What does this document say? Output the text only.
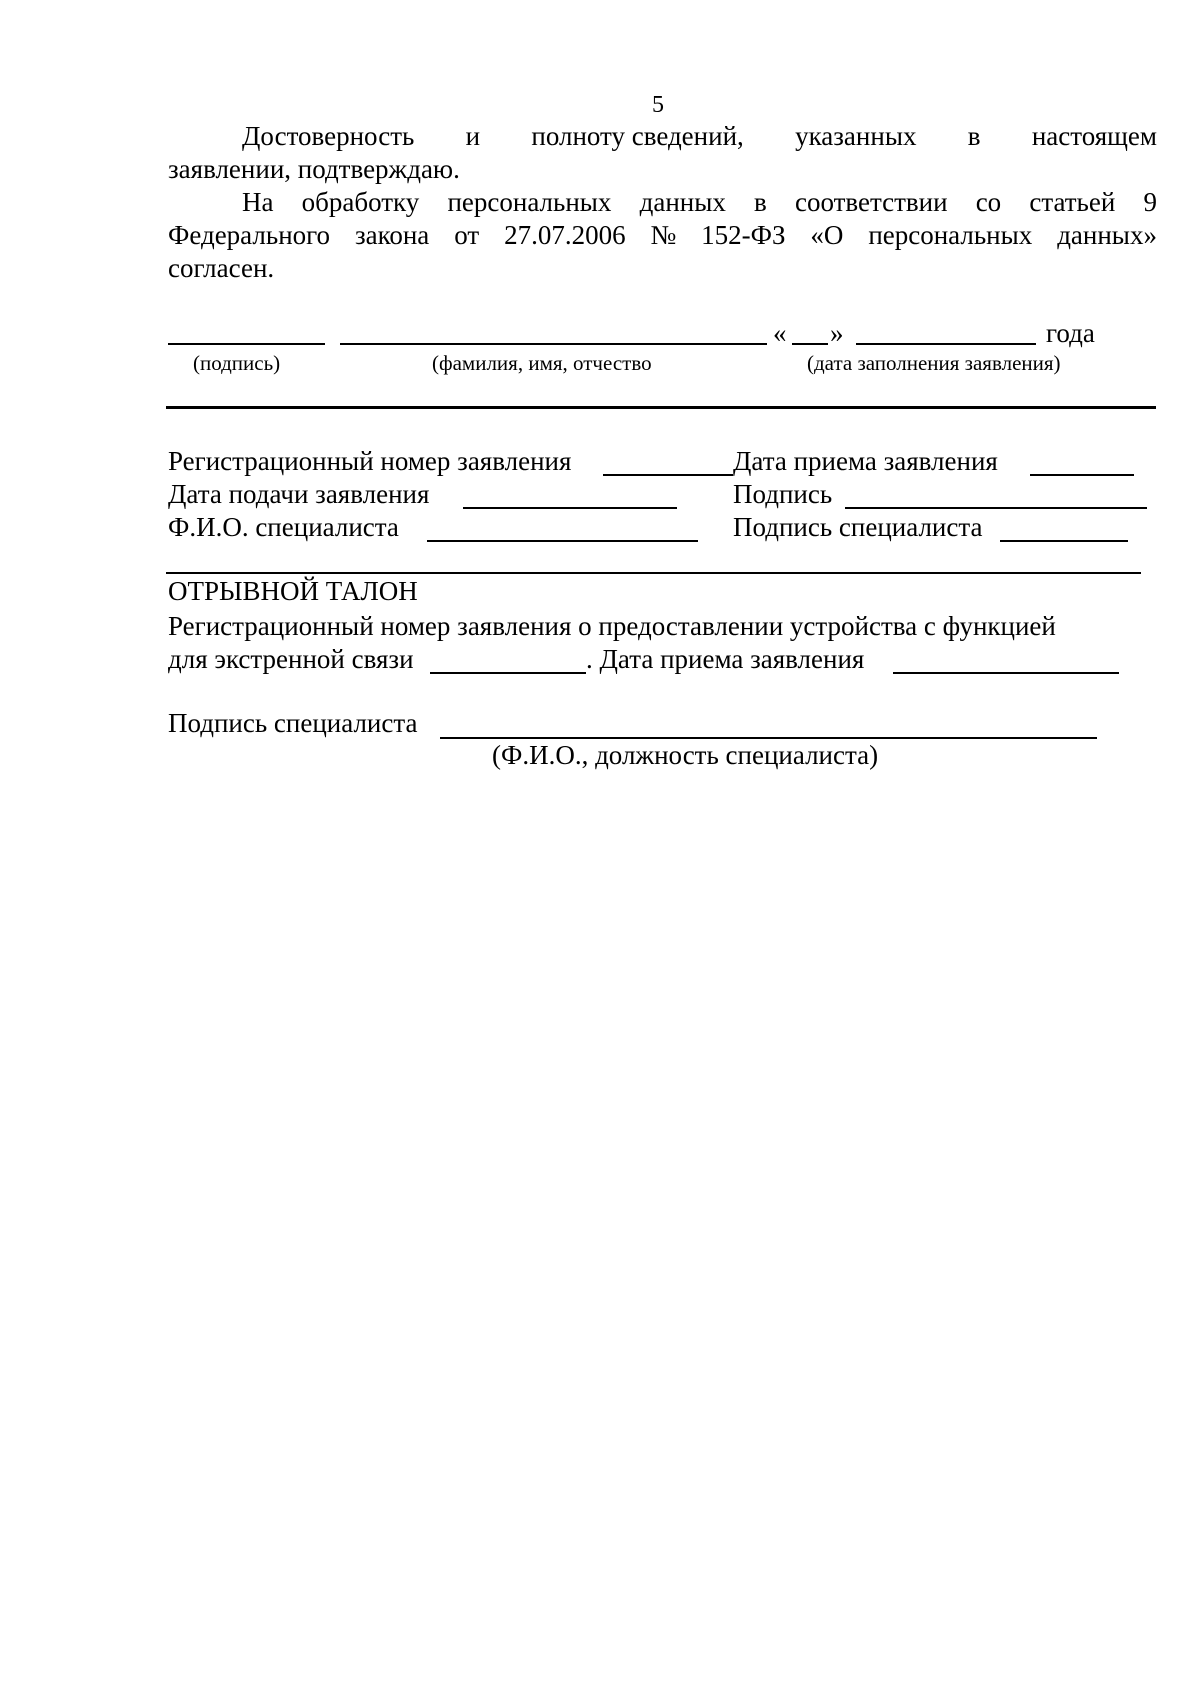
5
Достоверность и полноту сведений, указанных в настоящем
заявлении, подтверждаю.
На обработку персональных данных в соответствии со статьей 9
Федерального закона от 27.07.2006 № 152-ФЗ «О персональных данных»
согласен.
« »	года
(подпись)	(фамилия, имя, отчество	(дата заполнения заявления)
Регистрационный номер заявления	Дата приема заявления
Дата подачи заявления	Подпись
Ф.И.О. специалиста	Подпись специалиста
ОТРЫВНОЙ ТАЛОН
Регистрационный номер заявления о предоставлении устройства с функцией
для экстренной связи	. Дата приема заявления
Подпись специалиста
(Ф.И.О., должность специалиста)
